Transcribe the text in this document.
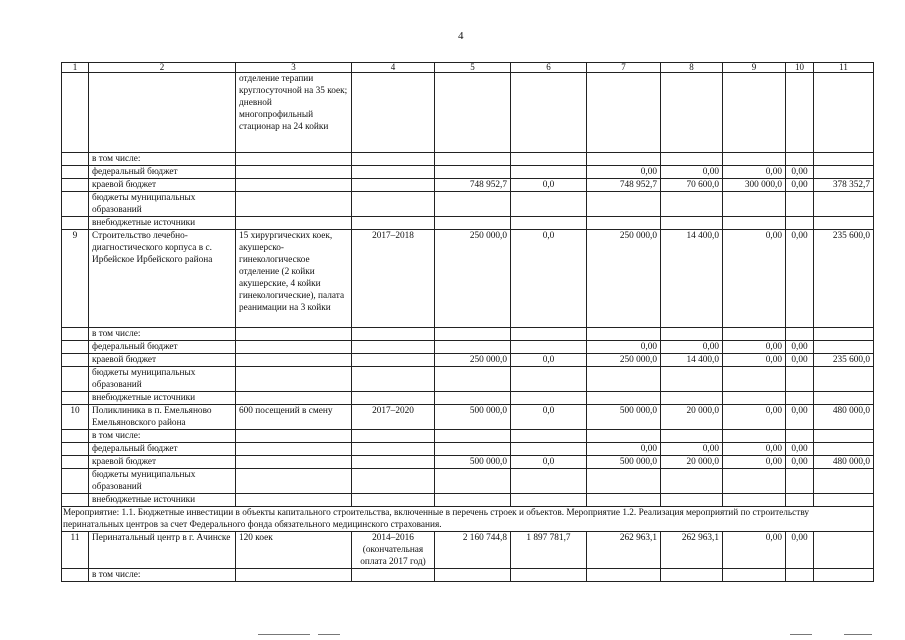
4
1	2	3	4	5	6	7	8	9	10	11
		отделение терапии круглосуточной на 35 коек; дневной многопрофильный стационар на 24 койки								
	в том числе:									
	федеральный бюджет					0,00	0,00	0,00	0,00	
	краевой бюджет			748 952,7	0,0	748 952,7	70 600,0	300 000,0	0,00	378 352,7
	бюджеты муниципальных образований									
	внебюджетные источники									
9	Строительство лечебно-диагностического корпуса в с. Ирбейское Ирбейского района	15 хирургических коек, акушерско-гинекологическое отделение (2 койки акушерские, 4 койки гинекологические), палата реанимации на 3 койки	2017–2018	250 000,0	0,0	250 000,0	14 400,0	0,00	0,00	235 600,0
	в том числе:									
	федеральный бюджет					0,00	0,00	0,00	0,00	
	краевой бюджет			250 000,0	0,0	250 000,0	14 400,0	0,00	0,00	235 600,0
	бюджеты муниципальных образований									
	внебюджетные источники									
10	Поликлиника в п. Емельяново Емельяновского района	600 посещений в смену	2017–2020	500 000,0	0,0	500 000,0	20 000,0	0,00	0,00	480 000,0
	в том числе:									
	федеральный бюджет					0,00	0,00	0,00	0,00	
	краевой бюджет			500 000,0	0,0	500 000,0	20 000,0	0,00	0,00	480 000,0
	бюджеты муниципальных образований									
	внебюджетные источники									
Мероприятие: 1.1. Бюджетные инвестиции в объекты капитального строительства, включенные в перечень строек и объектов. Мероприятие 1.2. Реализация мероприятий по строительству перинатальных центров за счет Федерального фонда обязательного медицинского страхования.										
11	Перинатальный центр в г. Ачинске	120 коек	2014–2016 (окончательная оплата 2017 год)	2 160 744,8	1 897 781,7	262 963,1	262 963,1	0,00	0,00	
	в том числе:									
